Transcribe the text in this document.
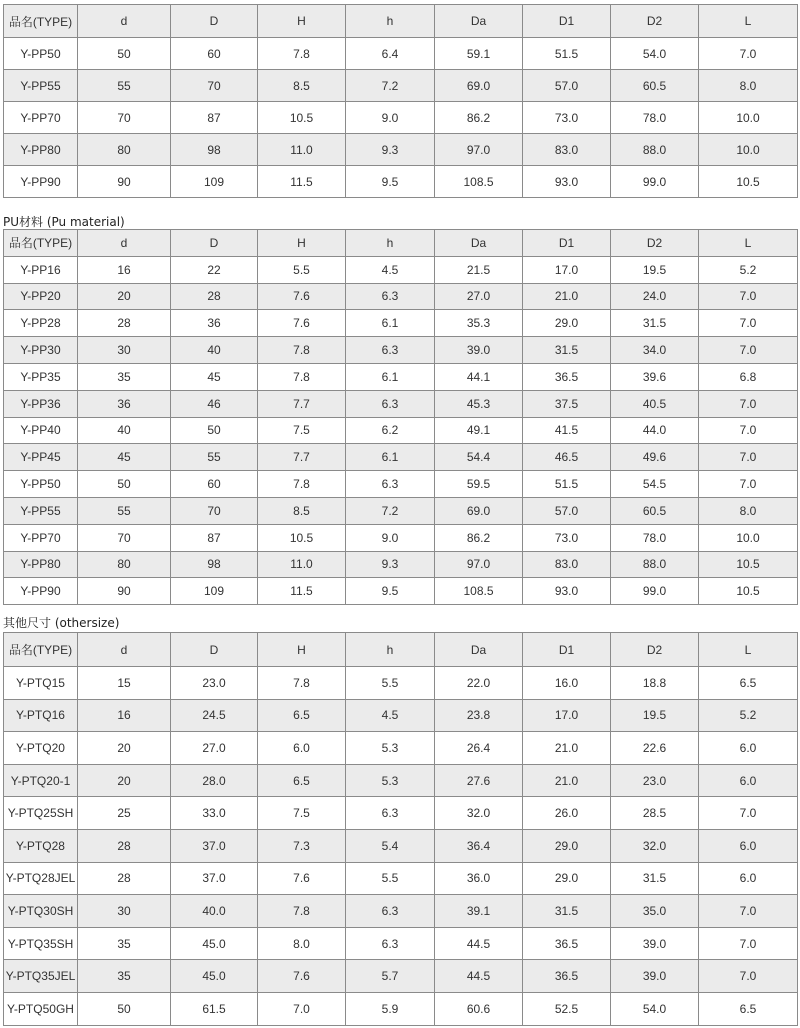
品名(TYPE)	d	D	H	h	Da	D1	D2	L
Y-PP50	50	60	7.8	6.4	59.1	51.5	54.0	7.0
Y-PP55	55	70	8.5	7.2	69.0	57.0	60.5	8.0
Y-PP70	70	87	10.5	9.0	86.2	73.0	78.0	10.0
Y-PP80	80	98	11.0	9.3	97.0	83.0	88.0	10.0
Y-PP90	90	109	11.5	9.5	108.5	93.0	99.0	10.5
PU材料 (Pu material)
品名(TYPE)	d	D	H	h	Da	D1	D2	L
Y-PP16	16	22	5.5	4.5	21.5	17.0	19.5	5.2
Y-PP20	20	28	7.6	6.3	27.0	21.0	24.0	7.0
Y-PP28	28	36	7.6	6.1	35.3	29.0	31.5	7.0
Y-PP30	30	40	7.8	6.3	39.0	31.5	34.0	7.0
Y-PP35	35	45	7.8	6.1	44.1	36.5	39.6	6.8
Y-PP36	36	46	7.7	6.3	45.3	37.5	40.5	7.0
Y-PP40	40	50	7.5	6.2	49.1	41.5	44.0	7.0
Y-PP45	45	55	7.7	6.1	54.4	46.5	49.6	7.0
Y-PP50	50	60	7.8	6.3	59.5	51.5	54.5	7.0
Y-PP55	55	70	8.5	7.2	69.0	57.0	60.5	8.0
Y-PP70	70	87	10.5	9.0	86.2	73.0	78.0	10.0
Y-PP80	80	98	11.0	9.3	97.0	83.0	88.0	10.5
Y-PP90	90	109	11.5	9.5	108.5	93.0	99.0	10.5
其他尺寸 (othersize)
品名(TYPE)	d	D	H	h	Da	D1	D2	L
Y-PTQ15	15	23.0	7.8	5.5	22.0	16.0	18.8	6.5
Y-PTQ16	16	24.5	6.5	4.5	23.8	17.0	19.5	5.2
Y-PTQ20	20	27.0	6.0	5.3	26.4	21.0	22.6	6.0
Y-PTQ20-1	20	28.0	6.5	5.3	27.6	21.0	23.0	6.0
Y-PTQ25SH	25	33.0	7.5	6.3	32.0	26.0	28.5	7.0
Y-PTQ28	28	37.0	7.3	5.4	36.4	29.0	32.0	6.0
Y-PTQ28JEL	28	37.0	7.6	5.5	36.0	29.0	31.5	6.0
Y-PTQ30SH	30	40.0	7.8	6.3	39.1	31.5	35.0	7.0
Y-PTQ35SH	35	45.0	8.0	6.3	44.5	36.5	39.0	7.0
Y-PTQ35JEL	35	45.0	7.6	5.7	44.5	36.5	39.0	7.0
Y-PTQ50GH	50	61.5	7.0	5.9	60.6	52.5	54.0	6.5
